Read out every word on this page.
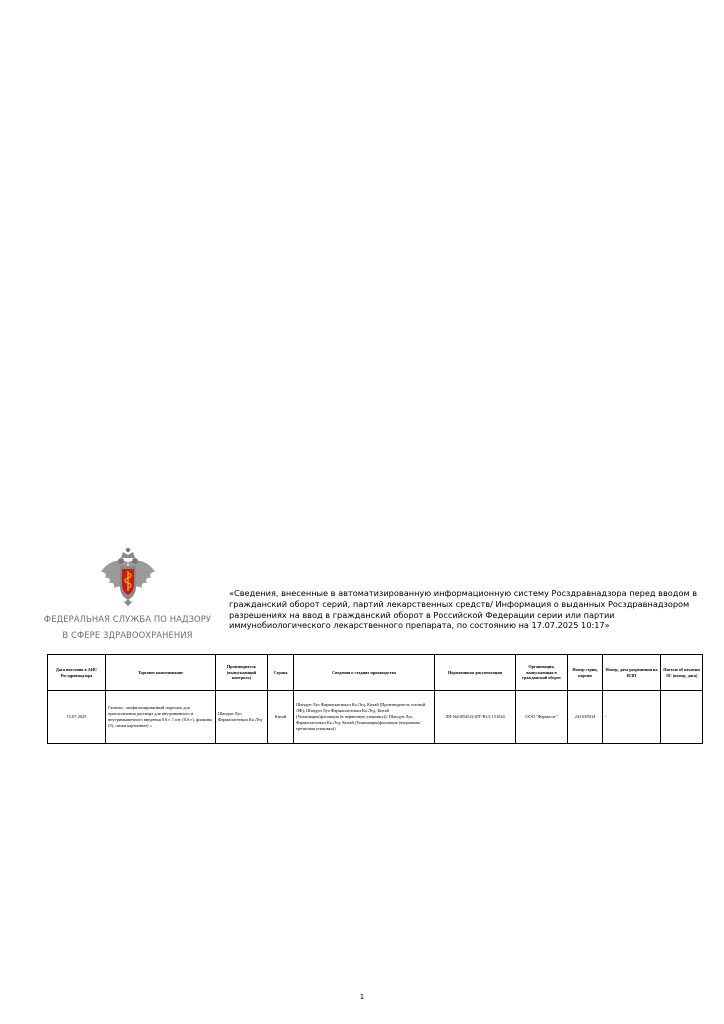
ФЕДЕРАЛЬНАЯ СЛУЖБА ПО НАДЗОРУ
В СФЕРЕ ЗДРАВООХРАНЕНИЯ
«Сведения, внесенные в автоматизированную информационную систему Росздравнадзора перед вводом в гражданский оборот серий, партий лекарственных средств/ Информация о выданных Росздравнадзором разрешениях на ввод в гражданский оборот в Российской Федерации серии или партии иммунобиологического лекарственного препарата, по состоянию на 17.07.2025 10:17»
Дата внесения в АИС Росздравнадзора	Торговое наименование	Производитель (выпускающий контроль)	Страна	Сведения о стадиях производства	Нормативная документация	Организация, выпускающая в гражданский оборот	Номер серии, партии	Номер, дата разрешения на ИЛП	Письмо об изъятии ЛС (номер, дата)
15.07.2025	Ганпокс, лиофилизированный порошок для приготовления раствора для внутривенного и внутримышечного введения 0.6 г. 1 шт. (0.6 г), флаконы (5), пачки картонные) »	Шандун Луо Фармасьютикал Ко.Лтд	Китай	Шандун Луо Фармасьютикал Ко.Лтд, Китай (Производитель готовой ЛФ); Шандун Луо Фармасьютикал Ко.Лтд, Китай (Упаковщик(фасовщик (в первичную упаковку)); Шандун Луо Фармасьютикал Ко.Лтд, Китай (Упаковщик(фасовщик (вторичная/третичная упаковка))	ЛП-№(005452)-(РГ-RU)-151024	ООО "Фармасэт"	2411005О4	-	
1
